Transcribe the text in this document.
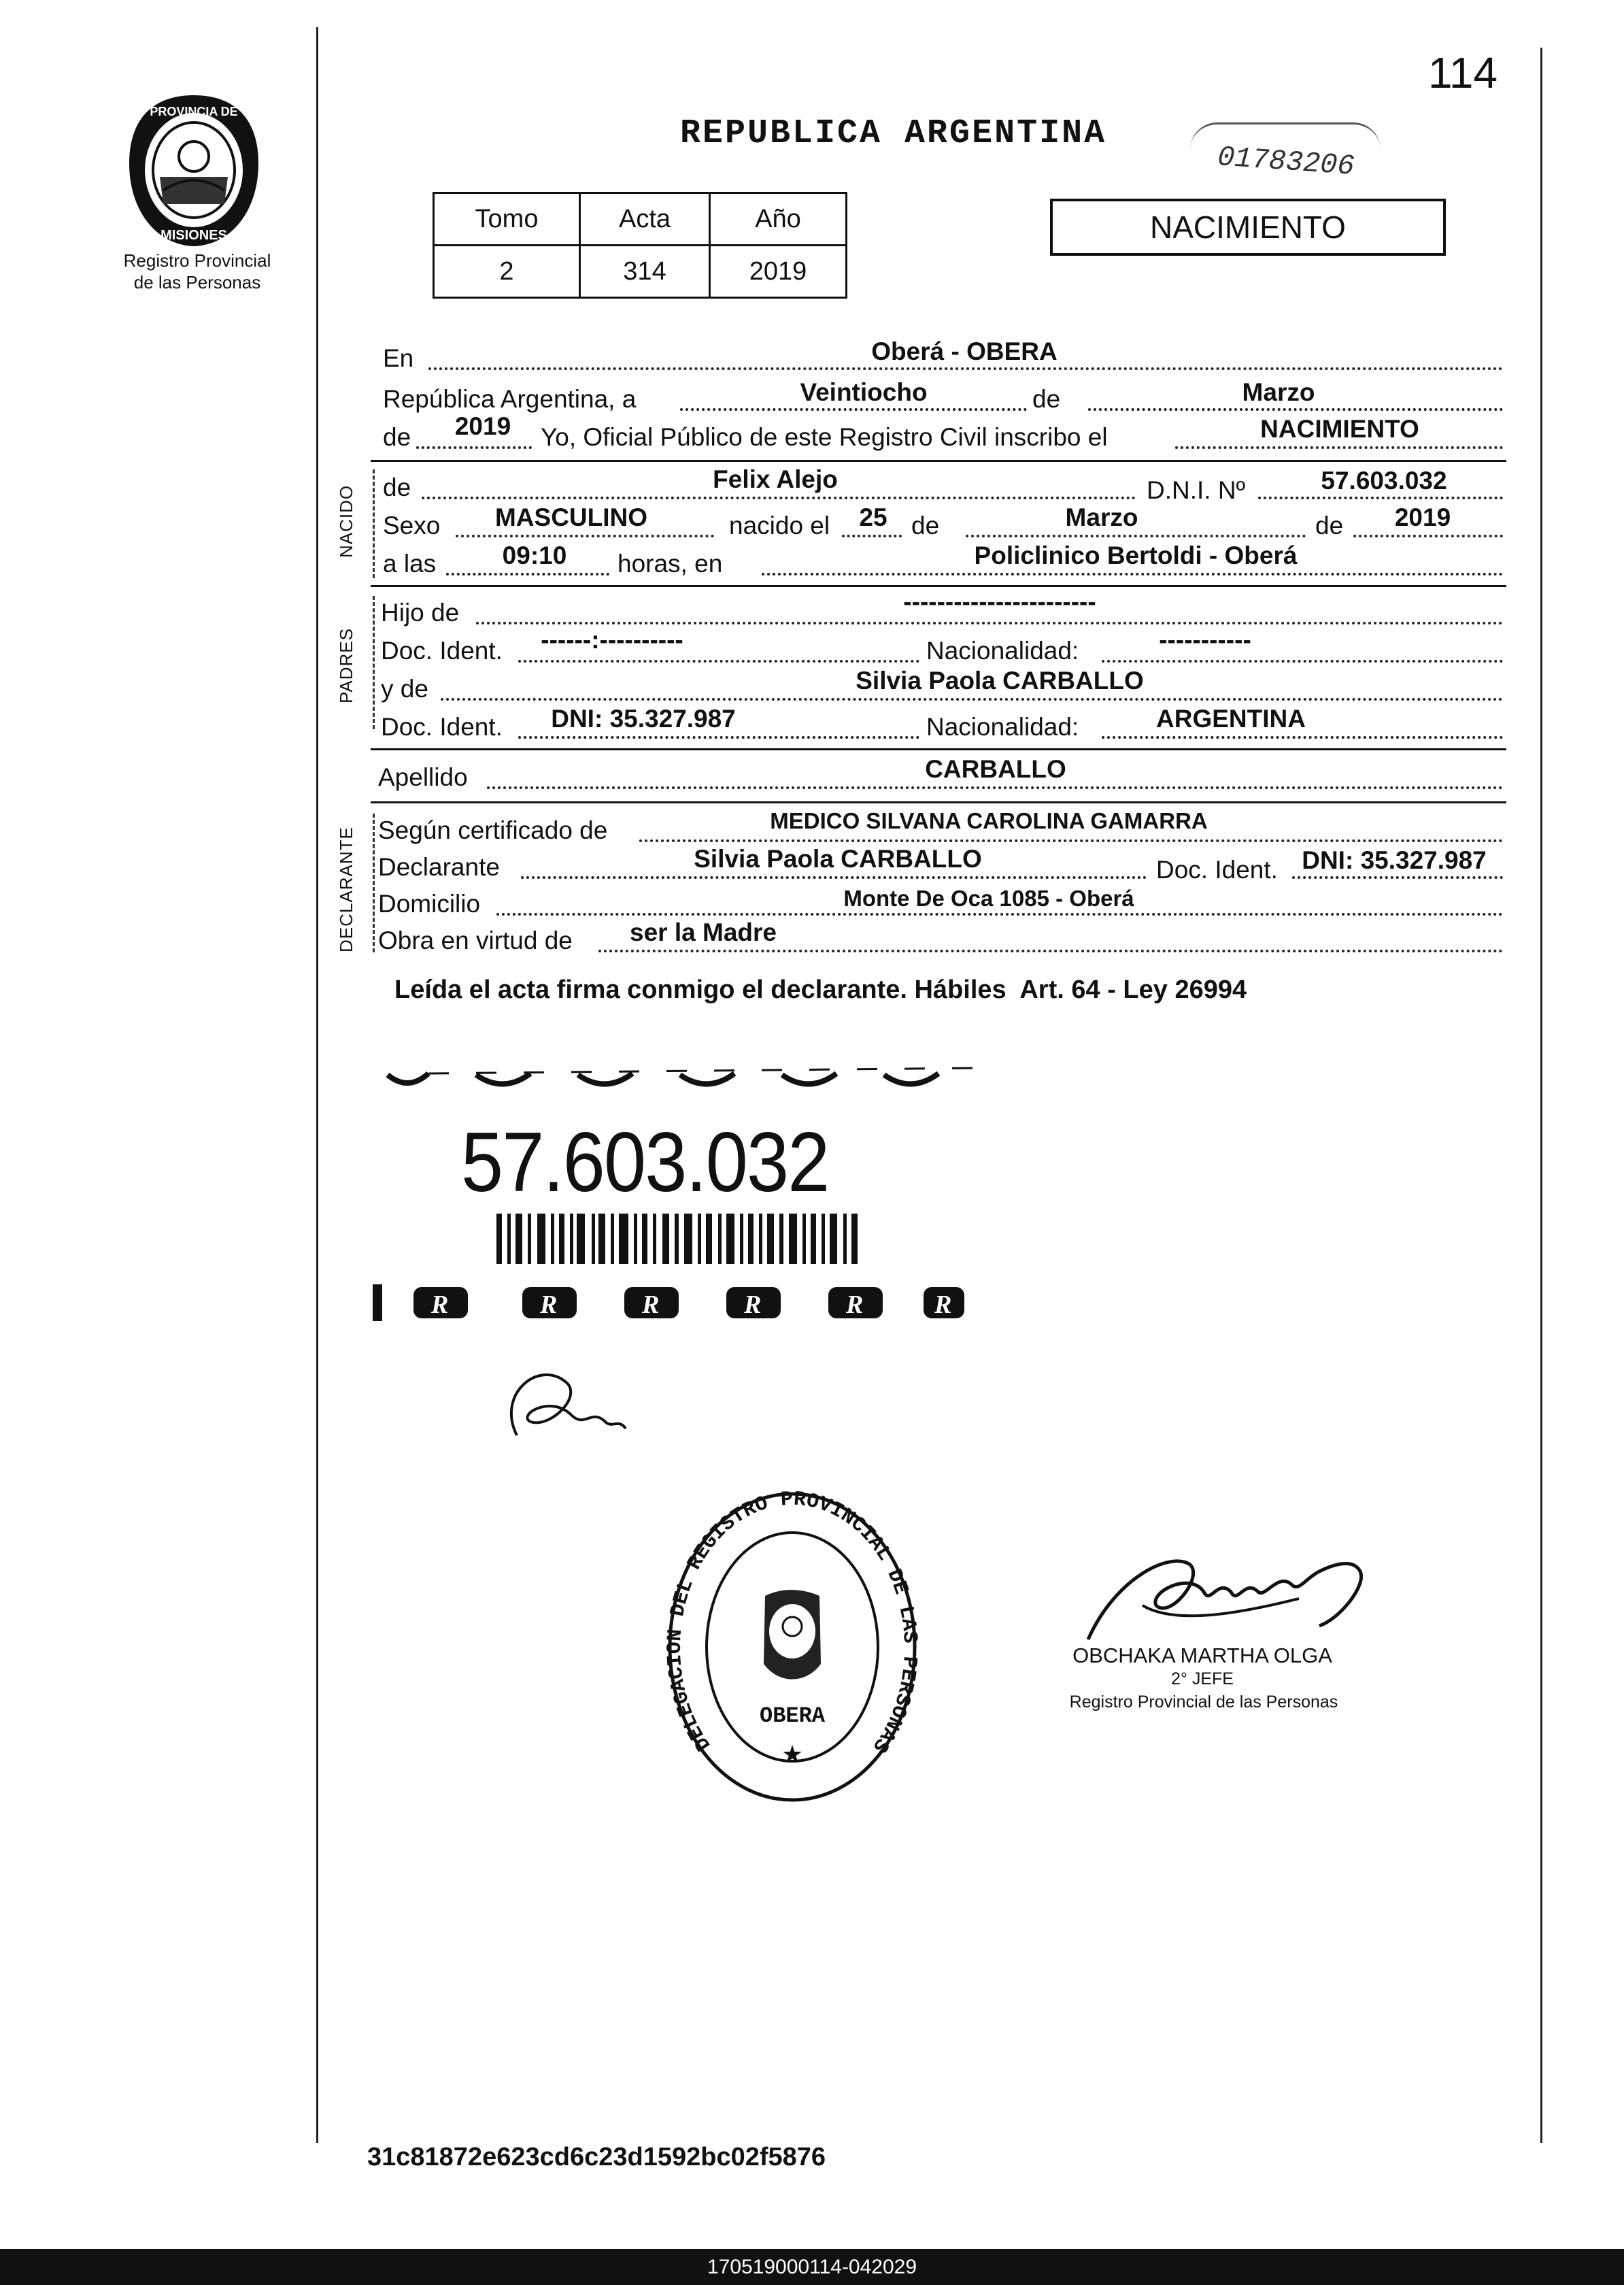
PROVINCIA DE
MISIONES
Registro Provincial
de las Personas
114
REPUBLICA ARGENTINA
01783206
Tomo	Acta	Año
2	314	2019
NACIMIENTO
En	Oberá - OBERA
República Argentina, a	Veintiocho	de	Marzo
de 2019 Yo, Oficial Público de este Registro Civil inscribo el	NACIMIENTO
NACIDO de	Felix Alejo	D.N.I. Nº	57.603.032
Sexo MASCULINO	nacido el 25 de	Marzo	de 2019
a las	09:10 horas, en	Policlinico Bertoldi - Oberá
PADRES
Hijo de	-----------------------
Doc. Ident. ------:----------	Nacionalidad:	-----------
y de	Silvia Paola CARBALLO
Doc. Ident. DNI: 35.327.987	Nacionalidad:	ARGENTINA
Apellido	CARBALLO
DECLARANTE Según certificado de	MEDICO SILVANA CAROLINA GAMARRA
Declarante	Silvia Paola CARBALLO	Doc. Ident. DNI: 35.327.987
Domicilio	Monte De Oca 1085 - Oberá
Obra en virtud de ser la Madre
Leída el acta firma conmigo el declarante. Hábiles  Art. 64 - Ley 26994
57.603.032
R	R	R	R	R	R
DELEGACION DEL REGISTRO PROVINCIAL DE LAS PERSONAS
OBERA
★
OBCHAKA MARTHA OLGA
2° JEFE
Registro Provincial de las Personas
31c81872e623cd6c23d1592bc02f5876
170519000114-042029
